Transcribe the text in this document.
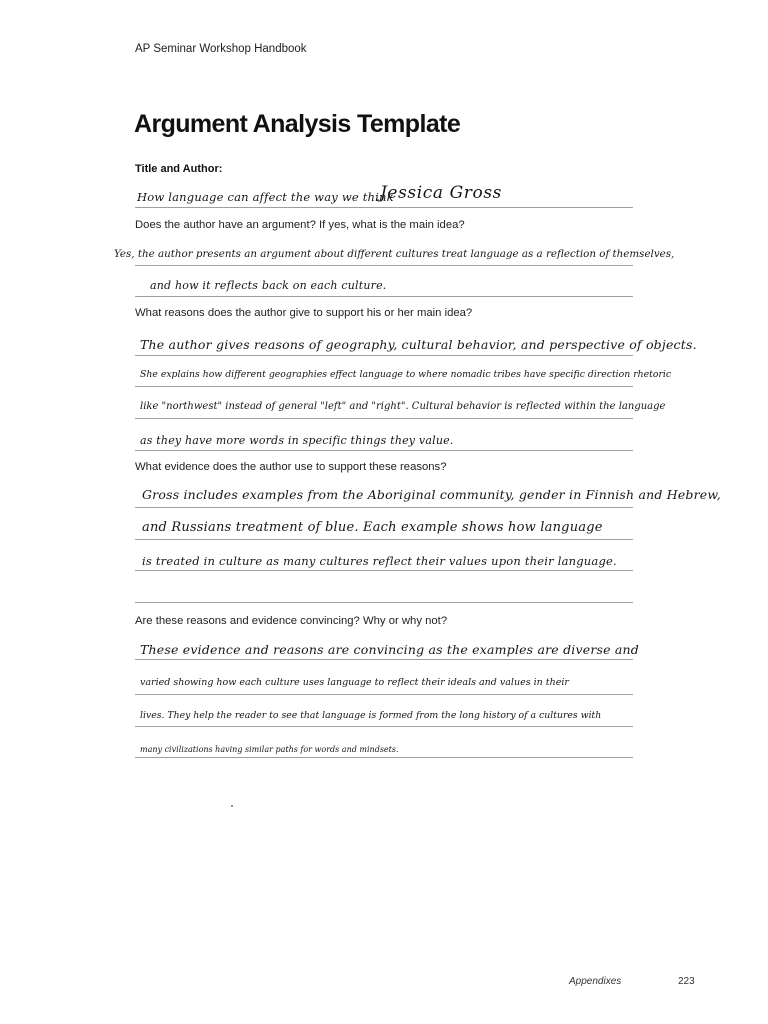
AP Seminar Workshop Handbook
Argument Analysis Template
Title and Author:
How language can affect the way we think
Jessica Gross
Does the author have an argument? If yes, what is the main idea?
Yes, the author presents an argument about different cultures treat language as a reflection of themselves,
and how it reflects back on each culture.
What reasons does the author give to support his or her main idea?
The author gives reasons of geography, cultural behavior, and perspective of objects.
She explains how different geographies effect language to where nomadic tribes have specific direction rhetoric
like "northwest" instead of general "left" and "right". Cultural behavior is reflected within the language
as they have more words in specific things they value.
What evidence does the author use to support these reasons?
Gross includes examples from the Aboriginal community, gender in Finnish and Hebrew,
and Russians treatment of blue. Each example shows how language
is treated in culture as many cultures reflect their values upon their language.
Are these reasons and evidence convincing? Why or why not?
These evidence and reasons are convincing as the examples are diverse and
varied showing how each culture uses language to reflect their ideals and values in their
lives. They help the reader to see that language is formed from the long history of a cultures with
many civilizations having similar paths for words and mindsets.
Appendixes	223
